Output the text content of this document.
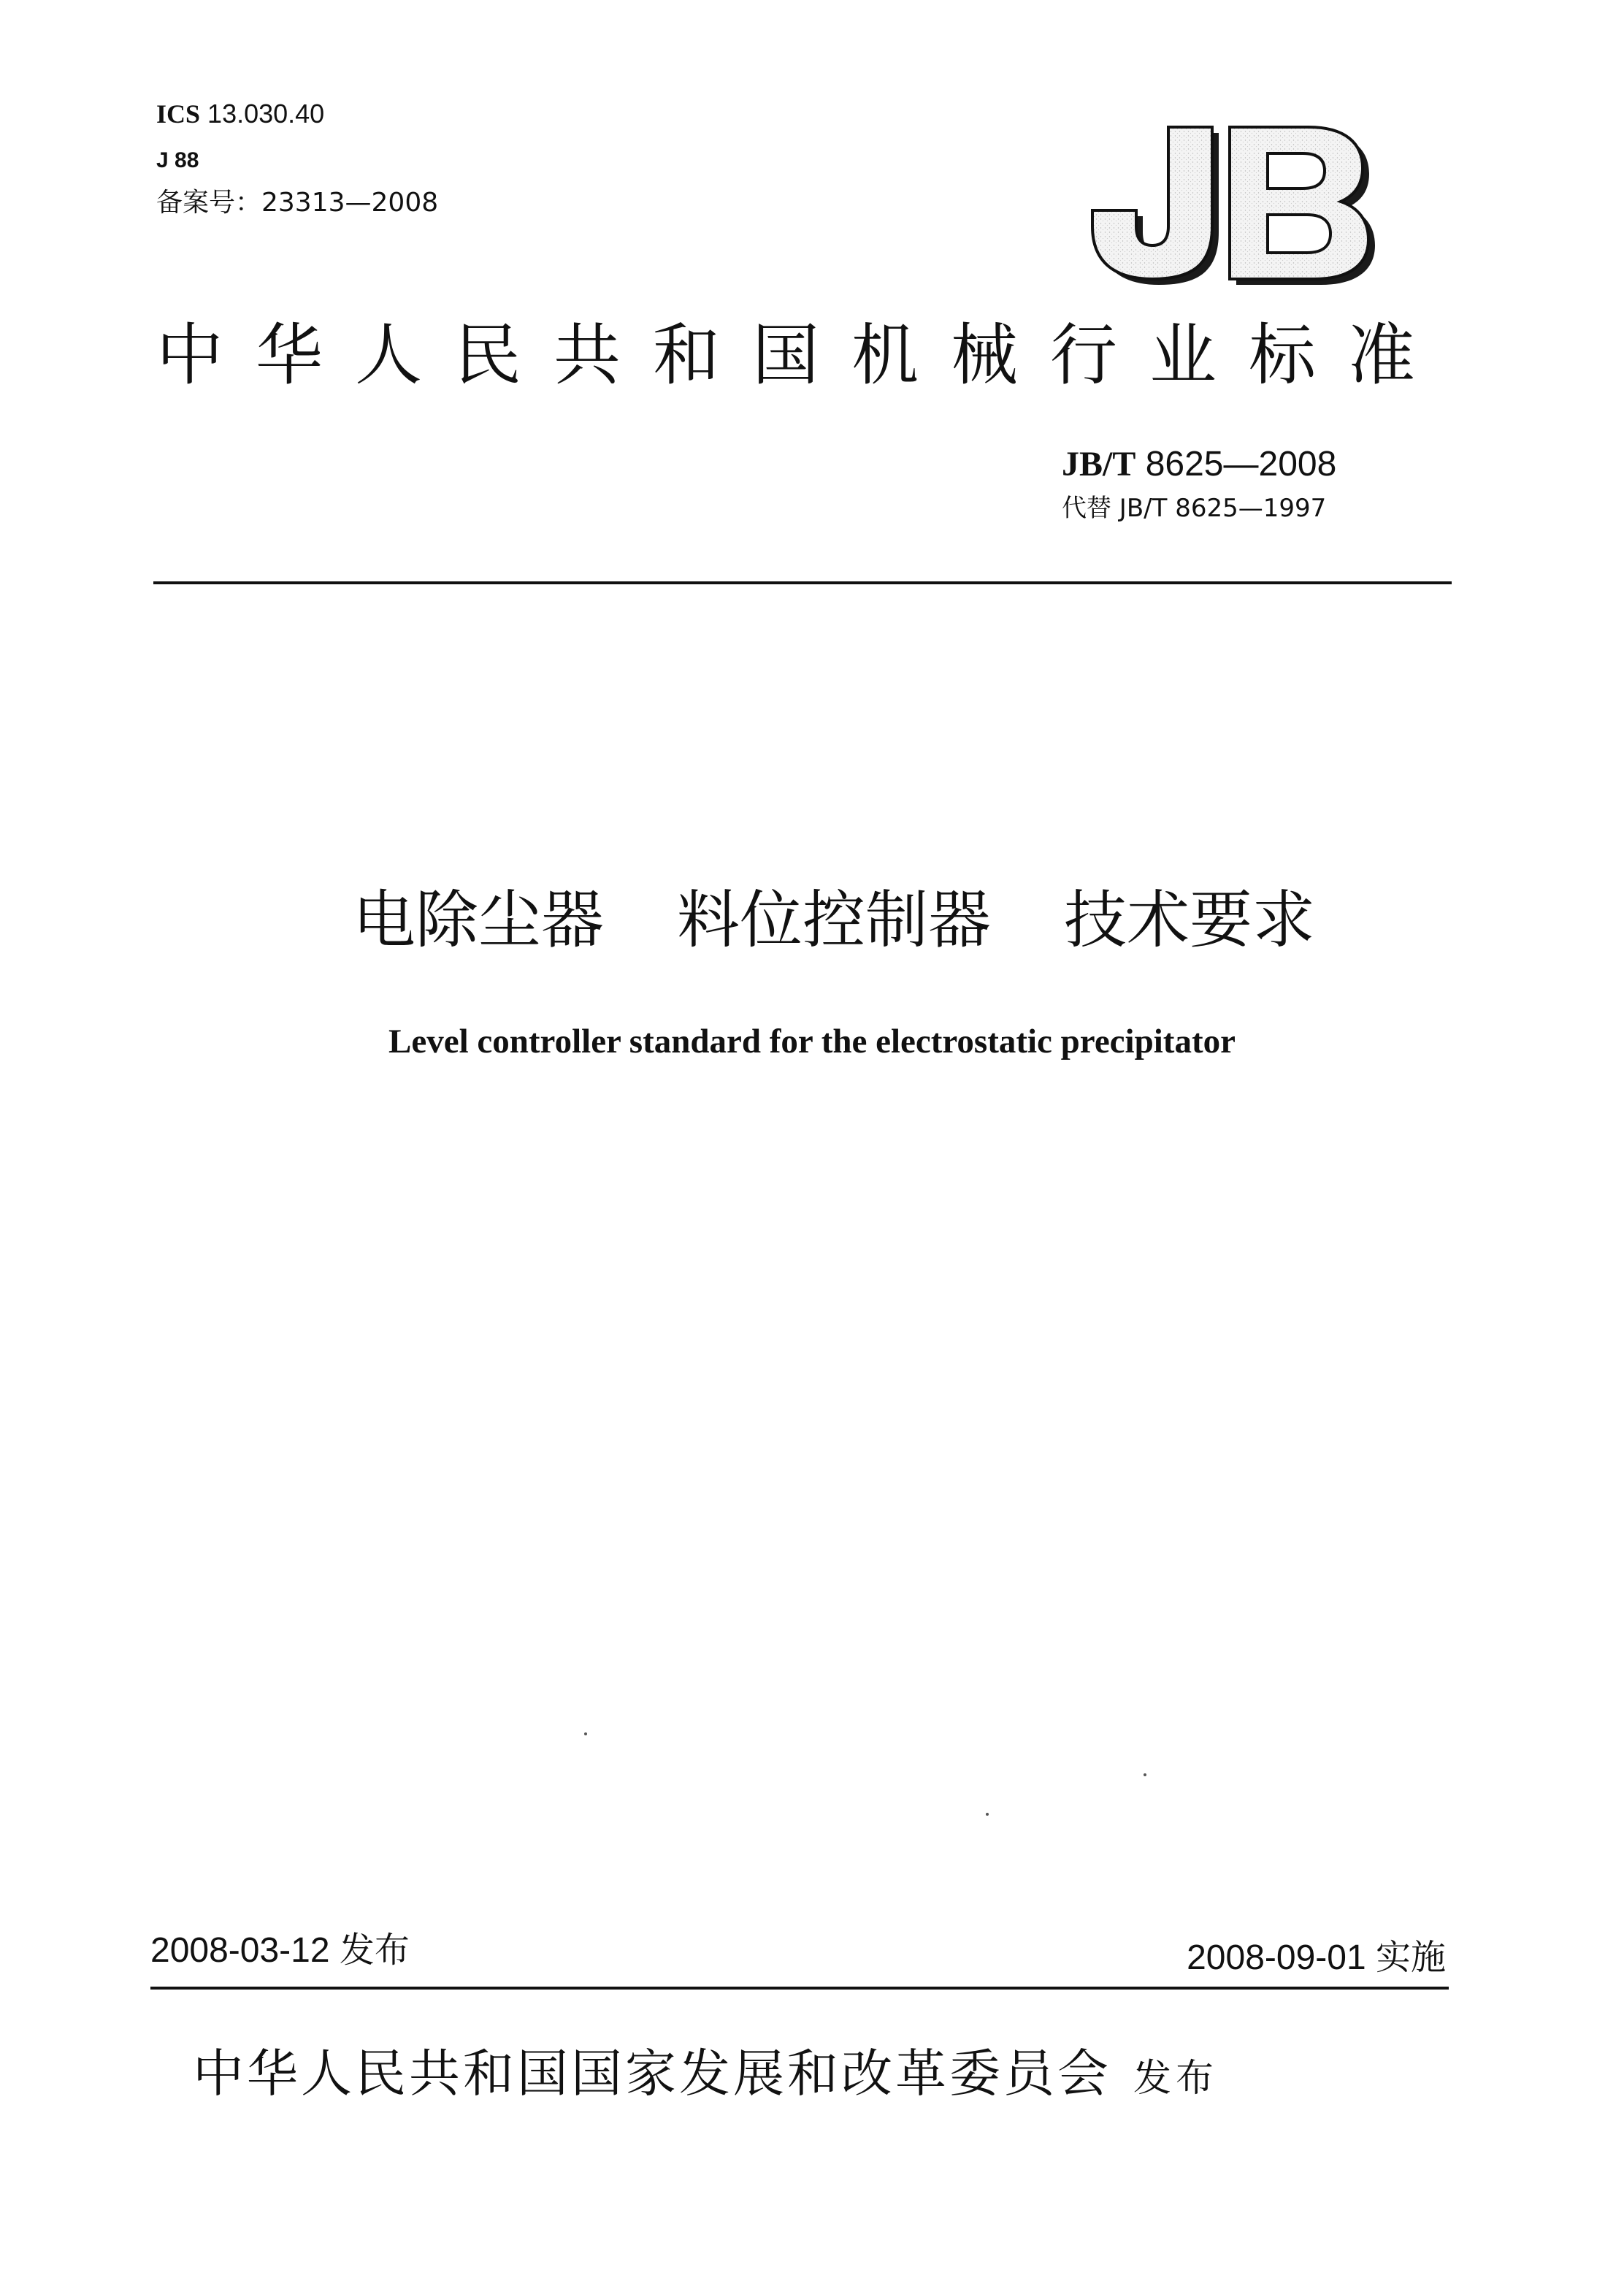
ICS 13.030.40
J 88
备案号：23313—2008
中华人民共和国机械行业标准
JB/T 8625—2008
代替 JB/T 8625—1997
电除尘器 料位控制器 技术要求
Level controller standard for the electrostatic precipitator
2008-03-12 发布	2008-09-01 实施
中华人民共和国国家发展和改革委员会 发布
